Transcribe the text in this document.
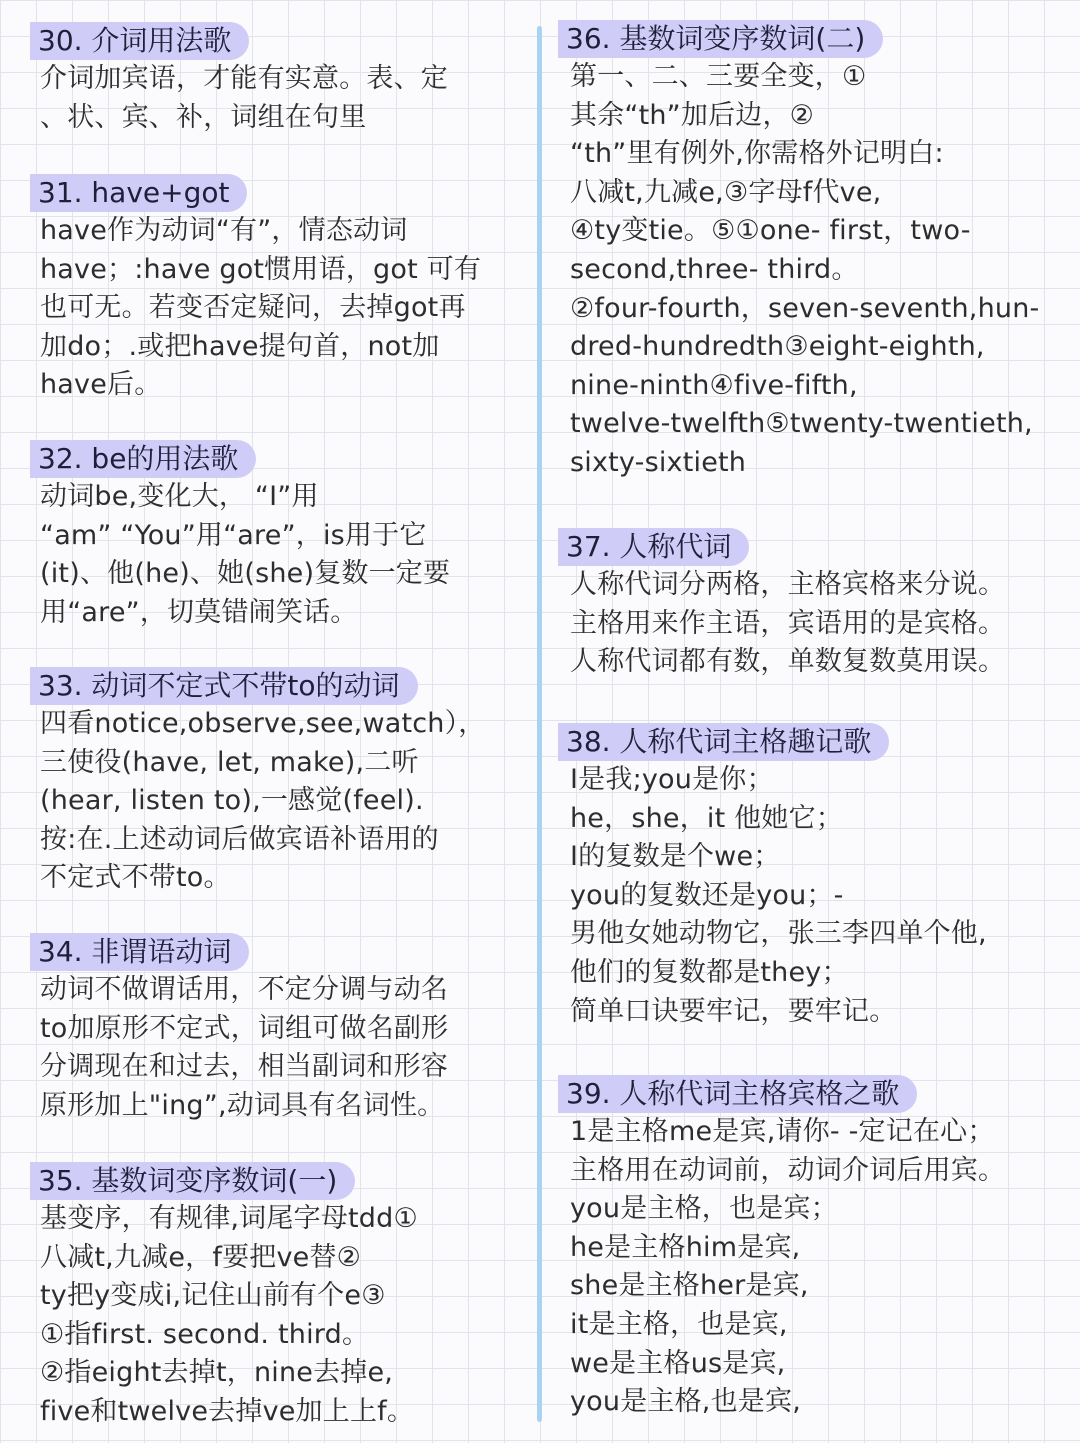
30. 介词用法歌
介词加宾语，才能有实意。表、定
、状、宾、补，词组在句里
31. have+got
have作为动词“有”，情态动词
have；:have got惯用语，got 可有
也可无。若变否定疑问，去掉got再
加do；.或把have提句首，not加
have后。
32. be的用法歌
动词be,变化大， “I”用
“am” “You”用“are”，is用于它
(it)、他(he)、她(she)复数一定要
用“are”，切莫错闹笑话。
33. 动词不定式不带to的动词
四看notice,observe,see,watch），
三使役(have, let, make),二听
(hear, listen to),一感觉(feel).
按:在.上述动词后做宾语补语用的
不定式不带to。
34. 非谓语动词
动词不做谓话用，不定分调与动名
to加原形不定式，词组可做名副形
分调现在和过去，相当副词和形容
原形加上"ing”,动词具有名词性。
35. 基数词变序数词(一)
基变序，有规律,词尾字母tdd①
八减t,九减e，f要把ve替②
ty把y变成i,记住山前有个e③
①指first. second. third。
②指eight去掉t，nine去掉e,
five和twelve去掉ve加上上f。
36. 基数词变序数词(二)
第一、二、三要全变，①
其余“th”加后边，②
“th”里有例外,你需格外记明白:
八减t,九减e,③字母f代ve,
④ty变tie。⑤①one- first，two-
second,three- third。
②four-fourth，seven-seventh,hun-
dred-hundredth③eight-eighth,
nine-ninth④five-fifth,
twelve-twelfth⑤twenty-twentieth,
sixty-sixtieth
37. 人称代词
人称代词分两格，主格宾格来分说。
主格用来作主语，宾语用的是宾格。
人称代词都有数，单数复数莫用误。
38. 人称代词主格趣记歌
I是我;you是你；
he，she，it 他她它；
I的复数是个we；
you的复数还是you；-
男他女她动物它，张三李四单个他,
他们的复数都是they；
简单口诀要牢记，要牢记。
39. 人称代词主格宾格之歌
1是主格me是宾,请你- -定记在心；
主格用在动词前，动词介词后用宾。
you是主格，也是宾；
he是主格him是宾,
she是主格her是宾,
it是主格，也是宾,
we是主格us是宾,
you是主格,也是宾,
